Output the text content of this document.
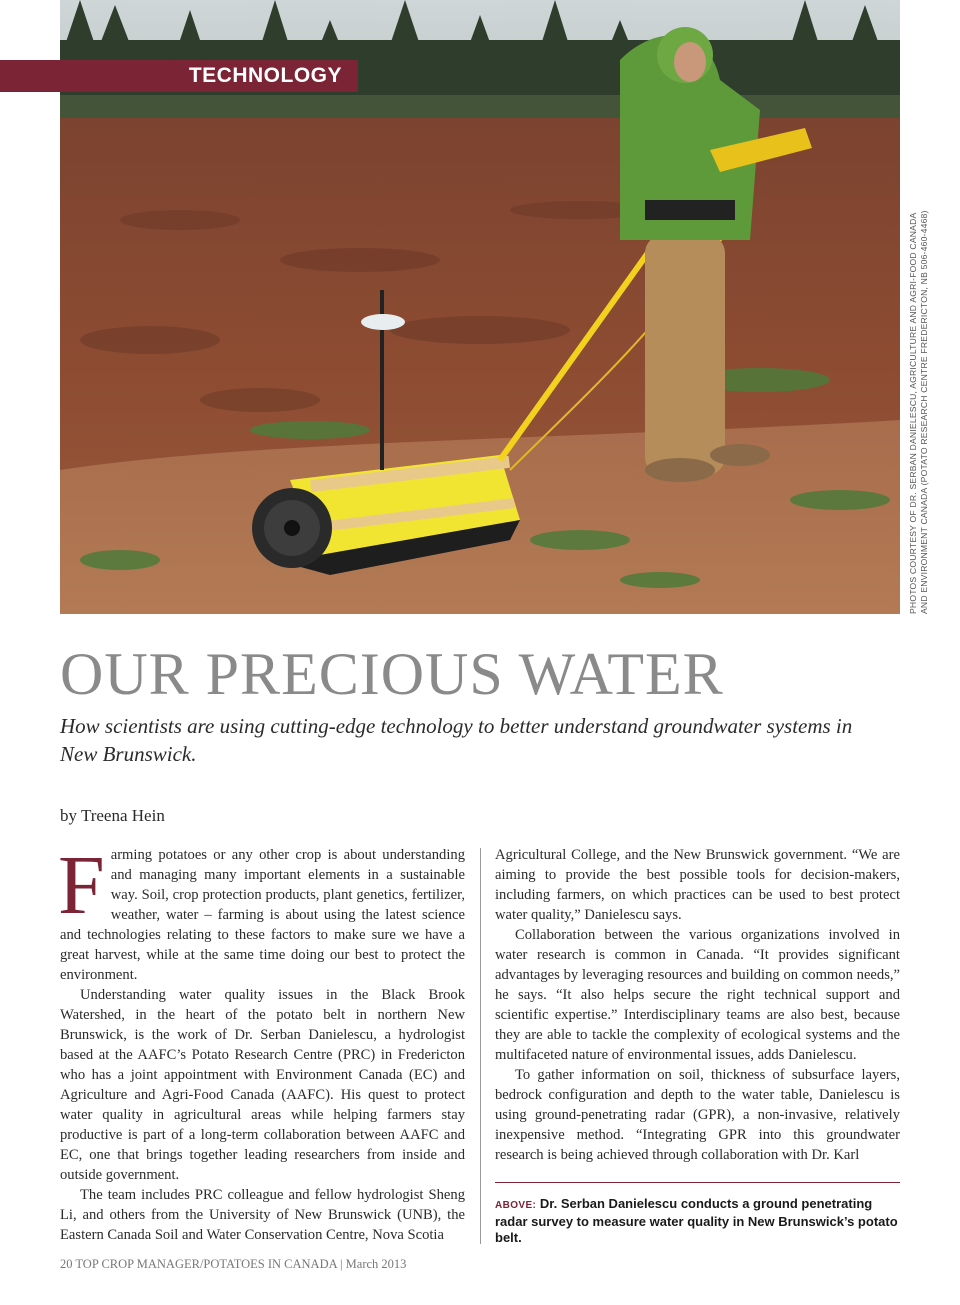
TECHNOLOGY
PHOTOS COURTESY OF DR. SERBAN DANIELESCU, AGRICULTURE AND AGRI-FOOD CANADA AND ENVIRONMENT CANADA (POTATO RESEARCH CENTRE FREDERICTON, NB 506-460-4468)
OUR PRECIOUS WATER
How scientists are using cutting-edge technology to better understand groundwater systems in New Brunswick.
by Treena Hein

Farming potatoes or any other crop is about understanding and managing many important elements in a sustainable way. Soil, crop protection products, plant genetics, fertilizer, weather, water – farming is about using the latest science and technologies relating to these factors to make sure we have a great harvest, while at the same time doing our best to protect the environment.

Understanding water quality issues in the Black Brook Watershed, in the heart of the potato belt in northern New Brunswick, is the work of Dr. Serban Danielescu, a hydrologist based at the AAFC’s Potato Research Centre (PRC) in Fredericton who has a joint appointment with Environment Canada (EC) and Agriculture and Agri-Food Canada (AAFC). His quest to protect water quality in agricultural areas while helping farmers stay productive is part of a long-term collaboration between AAFC and EC, one that brings together leading researchers from inside and outside government.

The team includes PRC colleague and fellow hydrologist Sheng Li, and others from the University of New Brunswick (UNB), the Eastern Canada Soil and Water Conservation Centre, Nova Scotia

Agricultural College, and the New Brunswick government. “We are aiming to provide the best possible tools for decision-makers, including farmers, on which practices can be used to best protect water quality,” Danielescu says.

Collaboration between the various organizations involved in water research is common in Canada. “It provides significant advantages by leveraging resources and building on common needs,” he says. “It also helps secure the right technical support and scientific expertise.” Interdisciplinary teams are also best, because they are able to tackle the complexity of ecological systems and the multifaceted nature of environmental issues, adds Danielescu.

To gather information on soil, thickness of subsurface layers, bedrock configuration and depth to the water table, Danielescu is using ground-penetrating radar (GPR), a non-invasive, relatively inexpensive method. “Integrating GPR into this groundwater research is being achieved through collaboration with Dr. Karl

ABOVE: Dr. Serban Danielescu conducts a ground penetrating radar survey to measure water quality in New Brunswick’s potato belt.
20 TOP CROP MANAGER/POTATOES IN CANADA | March 2013
